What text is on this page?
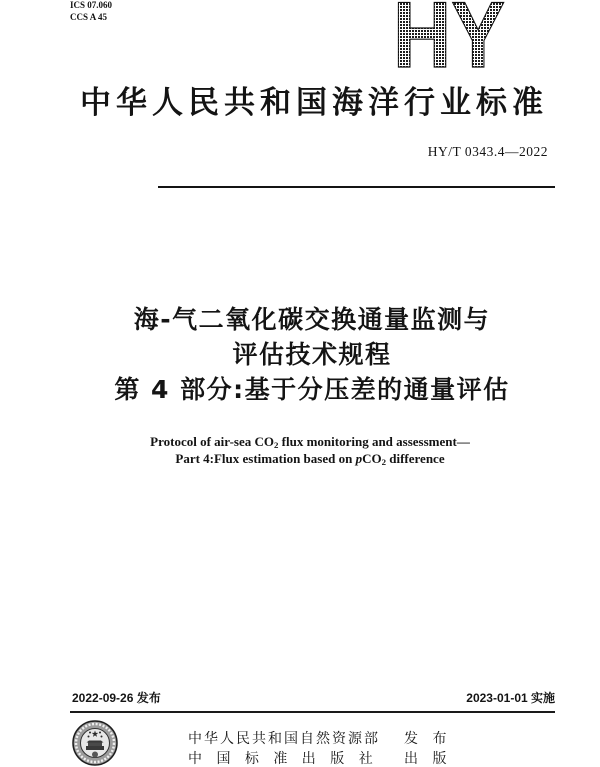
ICS 07.060
CCS A 45	HY
中华人民共和国海洋行业标准
HY/T 0343.4—2022
海-气二氧化碳交换通量监测与
评估技术规程
第 4 部分:基于分压差的通量评估
Protocol of air-sea $CO_2$ flux monitoring and assessment—
Part 4:Flux estimation based on pCO$_2$ difference
2022-09-26 发布	2023-01-01 实施
中华人民共和国自然资源部 发 布
中 国 标 准 出 版 社 出 版
